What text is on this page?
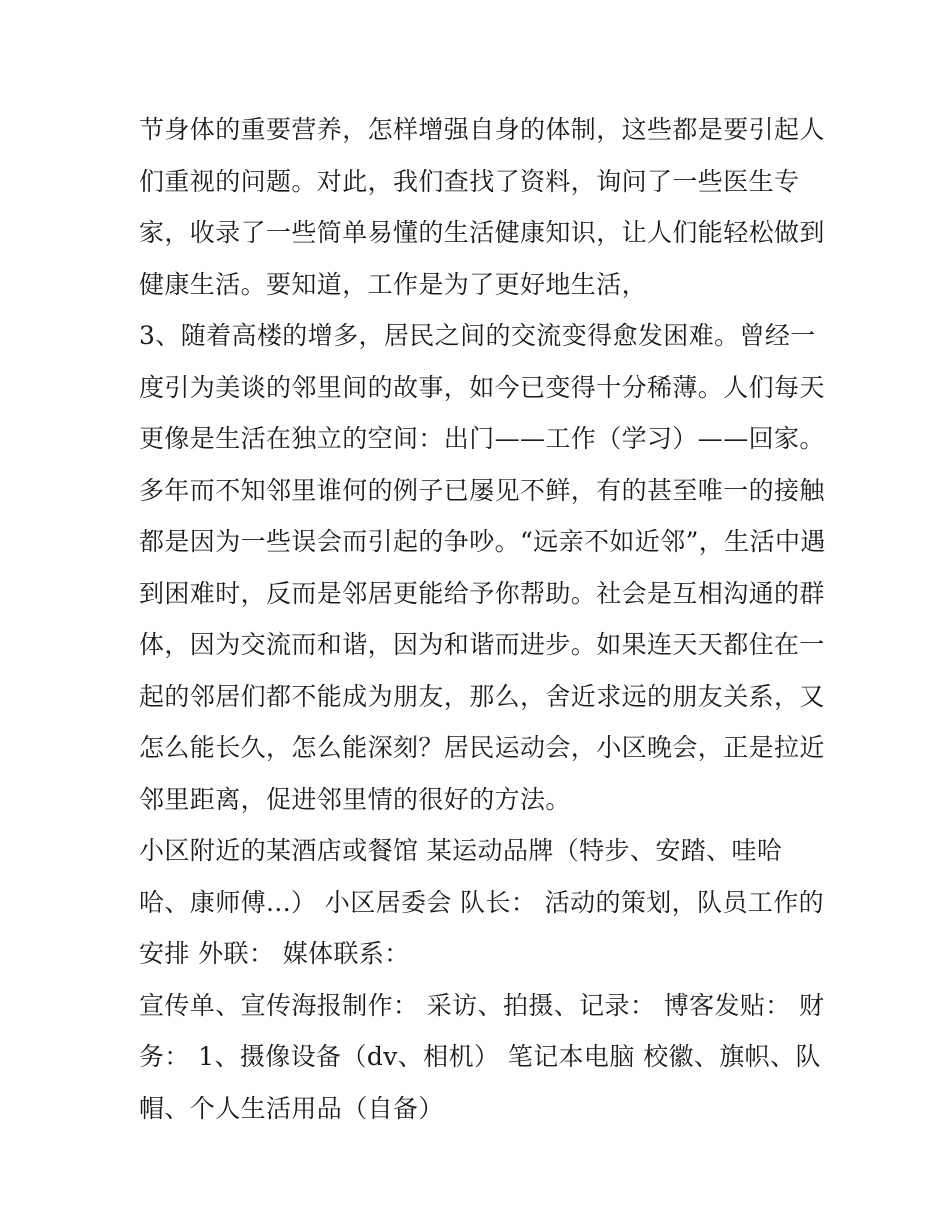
节身体的重要营养，怎样增强自身的体制，这些都是要引起人
们重视的问题。对此，我们查找了资料，询问了一些医生专
家，收录了一些简单易懂的生活健康知识，让人们能轻松做到
健康生活。要知道，工作是为了更好地生活，
3、随着高楼的增多，居民之间的交流变得愈发困难。曾经一
度引为美谈的邻里间的故事，如今已变得十分稀薄。人们每天
更像是生活在独立的空间：出门——工作（学习）——回家。
多年而不知邻里谁何的例子已屡见不鲜，有的甚至唯一的接触
都是因为一些误会而引起的争吵。“远亲不如近邻”，生活中遇
到困难时，反而是邻居更能给予你帮助。社会是互相沟通的群
体，因为交流而和谐，因为和谐而进步。如果连天天都住在一
起的邻居们都不能成为朋友，那么，舍近求远的朋友关系，又
怎么能长久，怎么能深刻？居民运动会，小区晚会，正是拉近
邻里距离，促进邻里情的很好的方法。
小区附近的某酒店或餐馆 某运动品牌（特步、安踏、哇哈
哈、康师傅...） 小区居委会 队长： 活动的策划，队员工作的
安排 外联： 媒体联系：
宣传单、宣传海报制作： 采访、拍摄、记录： 博客发贴： 财
务： 1、摄像设备（dv、相机） 笔记本电脑 校徽、旗帜、队
帽、个人生活用品（自备）
